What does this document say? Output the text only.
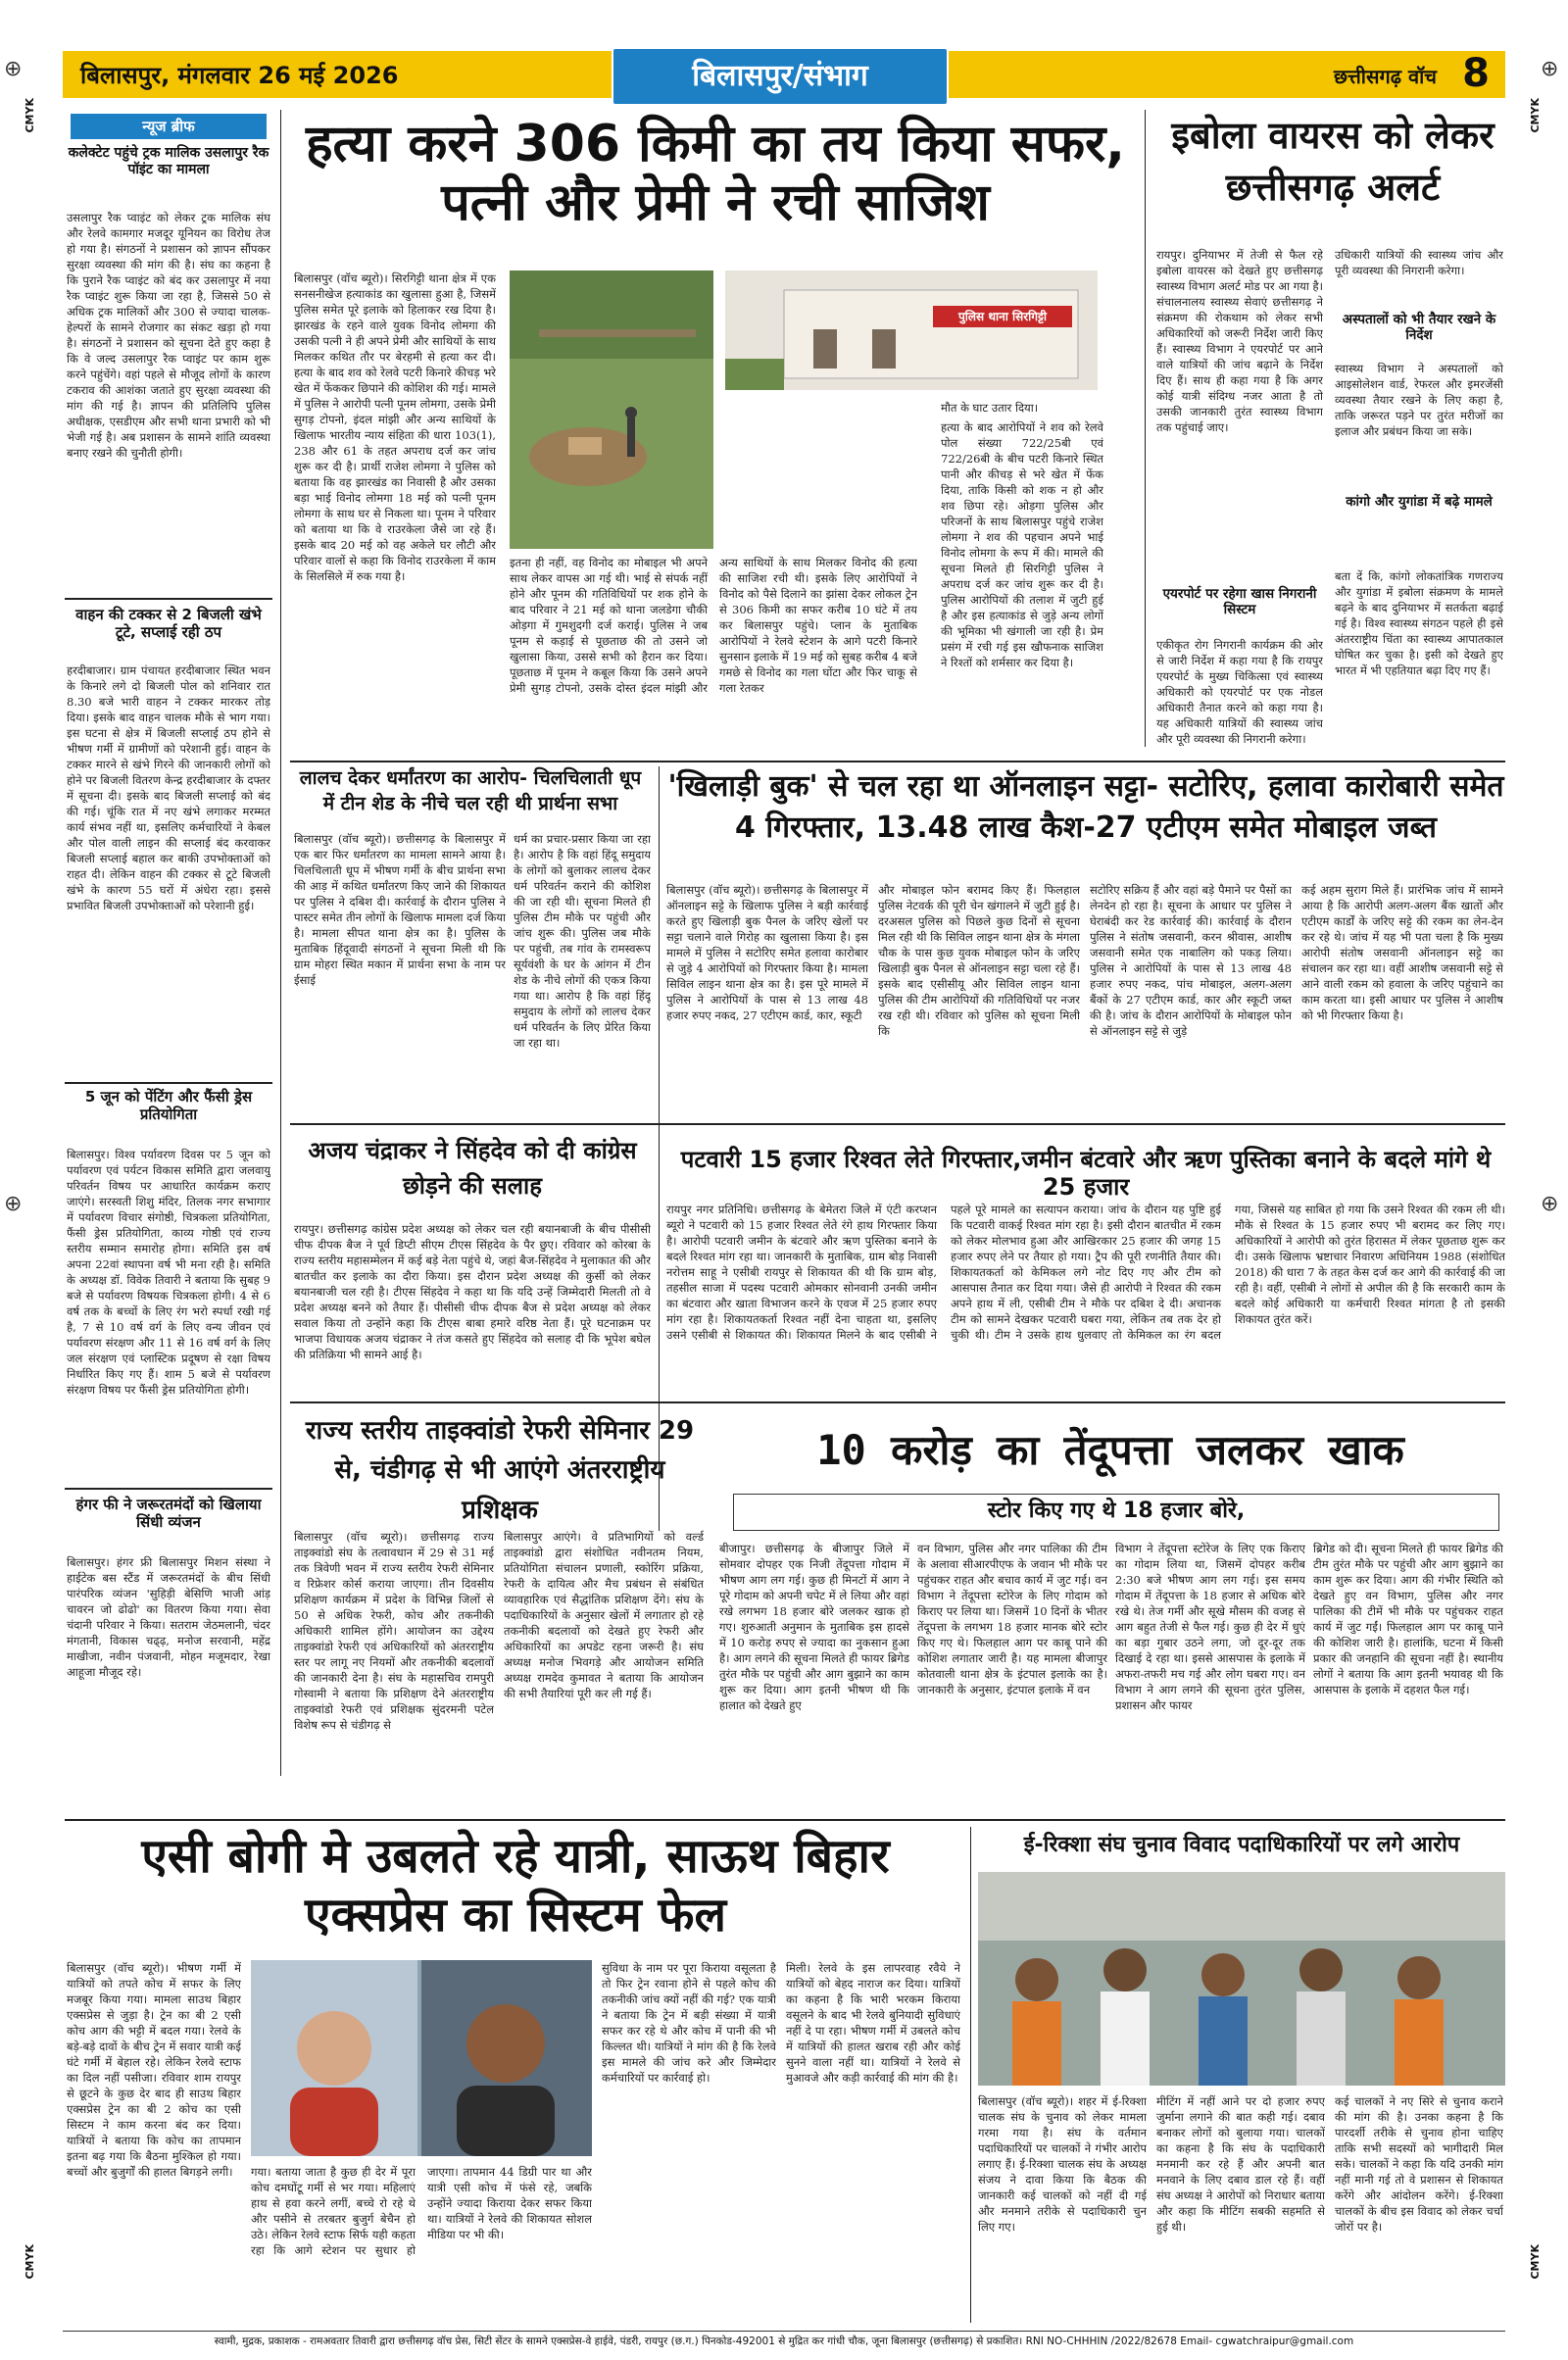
⊕	⊕
⊕	⊕
CMYK	CMYK
CMYK	CMYK
बिलासपुर, मंगलवार 26 मई 2026	बिलासपुर/संभाग	छत्तीसगढ़ वॉच 8
न्यूज ब्रीफ
कलेक्टेट पहुंचे ट्रक मालिक उसलापुर रैक पॉइंट का मामला
उसलापुर रैक प्वाइंट को लेकर ट्रक मालिक संघ और रेलवे कामगार मजदूर यूनियन का विरोध तेज हो गया है। संगठनों ने प्रशासन को ज्ञापन सौंपकर सुरक्षा व्यवस्था की मांग की है। संघ का कहना है कि पुराने रैक प्वाइंट को बंद कर उसलापुर में नया रैक प्वाइंट शुरू किया जा रहा है, जिससे 50 से अधिक ट्रक मालिकों और 300 से ज्यादा चालक-हेल्परों के सामने रोजगार का संकट खड़ा हो गया है। संगठनों ने प्रशासन को सूचना देते हुए कहा है कि वे जल्द उसलापुर रैक प्वाइंट पर काम शुरू करने पहुंचेंगे। वहां पहले से मौजूद लोगों के कारण टकराव की आशंका जताते हुए सुरक्षा व्यवस्था की मांग की गई है। ज्ञापन की प्रतिलिपि पुलिस अधीक्षक, एसडीएम और सभी थाना प्रभारी को भी भेजी गई है। अब प्रशासन के सामने शांति व्यवस्था बनाए रखने की चुनौती होगी।
वाहन की टक्कर से 2 बिजली खंभे टूटे, सप्लाई रही ठप
हरदीबाजार। ग्राम पंचायत हरदीबाजार स्थित भवन के किनारे लगे दो बिजली पोल को शनिवार रात 8.30 बजे भारी वाहन ने टक्कर मारकर तोड़ दिया। इसके बाद वाहन चालक मौके से भाग गया। इस घटना से क्षेत्र में बिजली सप्लाई ठप होने से भीषण गर्मी में ग्रामीणों को परेशानी हुई। वाहन के टक्कर मारने से खंभे गिरने की जानकारी लोगों को होने पर बिजली वितरण केन्द्र हरदीबाजार के दफ्तर में सूचना दी। इसके बाद बिजली सप्लाई को बंद की गई। चूंकि रात में नए खंभे लगाकर मरम्मत कार्य संभव नहीं था, इसलिए कर्मचारियों ने केबल और पोल वाली लाइन की सप्लाई बंद करवाकर बिजली सप्लाई बहाल कर बाकी उपभोक्ताओं को राहत दी। लेकिन वाहन की टक्कर से टूटे बिजली खंभे के कारण 55 घरों में अंधेरा रहा। इससे प्रभावित बिजली उपभोक्ताओं को परेशानी हुई।
5 जून को पेंटिंग और फैंसी ड्रेस प्रतियोगिता
बिलासपुर। विश्व पर्यावरण दिवस पर 5 जून को पर्यावरण एवं पर्यटन विकास समिति द्वारा जलवायु परिवर्तन विषय पर आधारित कार्यक्रम कराए जाएंगे। सरस्वती शिशु मंदिर, तिलक नगर सभागार में पर्यावरण विचार संगोष्ठी, चित्रकला प्रतियोगिता, फैंसी ड्रेस प्रतियोगिता, काव्य गोष्ठी एवं राज्य स्तरीय सम्मान समारोह होगा। समिति इस वर्ष अपना 22वां स्थापना वर्ष भी मना रही है। समिति के अध्यक्ष डॉ. विवेक तिवारी ने बताया कि सुबह 9 बजे से पर्यावरण विषयक चित्रकला होगी। 4 से 6 वर्ष तक के बच्चों के लिए रंग भरो स्पर्धा रखी गई है, 7 से 10 वर्ष वर्ग के लिए वन्य जीवन एवं पर्यावरण संरक्षण और 11 से 16 वर्ष वर्ग के लिए जल संरक्षण एवं प्लास्टिक प्रदूषण से रक्षा विषय निर्धारित किए गए हैं। शाम 5 बजे से पर्यावरण संरक्षण विषय पर फैंसी ड्रेस प्रतियोगिता होगी।
हंगर फी ने जरूरतमंदों को खिलाया सिंधी व्यंजन
बिलासपुर। हंगर फ्री बिलासपुर मिशन संस्था ने हाईटेक बस स्टैंड में जरूरतमंदों के बीच सिंधी पारंपरिक व्यंजन 'सुहिड़ी बेसिणि भाजी आंड़ चावरन जो ढोढो' का वितरण किया गया। सेवा चंदानी परिवार ने किया। सतराम जेठमलानी, चंदर मंगतानी, विकास चढ्ढ़, मनोज सरवानी, महेंद्र माखीजा, नवीन पंजवानी, मोहन मजूमदार, रेखा आहूजा मौजूद रहे।
हत्या करने 306 किमी का तय किया सफर, पत्नी और प्रेमी ने रची साजिश
बिलासपुर (वॉच ब्यूरो)। सिरगिट्टी थाना क्षेत्र में एक सनसनीखेज हत्याकांड का खुलासा हुआ है, जिसमें पुलिस समेत पूरे इलाके को हिलाकर रख दिया है। झारखंड के रहने वाले युवक विनोद लोमगा की उसकी पत्नी ने ही अपने प्रेमी और साथियों के साथ मिलकर कथित तौर पर बेरहमी से हत्या कर दी। हत्या के बाद शव को रेलवे पटरी किनारे कीचड़ भरे खेत में फेंककर छिपाने की कोशिश की गई। मामले में पुलिस ने आरोपी पत्नी पूनम लोमगा, उसके प्रेमी सुगड़ टोपनो, इंदल मांझी और अन्य साथियों के खिलाफ भारतीय न्याय संहिता की धारा 103(1), 238 और 61 के तहत अपराध दर्ज कर जांच शुरू कर दी है। प्रार्थी राजेश लोमगा ने पुलिस को बताया कि वह झारखंड का निवासी है और उसका बड़ा भाई विनोद लोमगा 18 मई को पत्नी पूनम लोमगा के साथ घर से निकला था। पूनम ने परिवार को बताया था कि वे राउरकेला जैसे जा रहे हैं। इसके बाद 20 मई को वह अकेले घर लौटी और परिवार वालों से कहा कि विनोद राउरकेला में काम के सिलसिले में रुक गया है।
इतना ही नहीं, वह विनोद का मोबाइल भी अपने साथ लेकर वापस आ गई थी। भाई से संपर्क नहीं होने और पूनम की गतिविधियों पर शक होने के बाद परिवार ने 21 मई को थाना जलडेगा चौकी ओड़गा में गुमशुदगी दर्ज कराई। पुलिस ने जब पूनम से कड़ाई से पूछताछ की तो उसने जो खुलासा किया, उससे सभी को हैरान कर दिया। पूछताछ में पूनम ने कबूल किया कि उसने अपने प्रेमी सुगड़ टोपनो, उसके दोस्त इंदल मांझी और अन्य साथियों के साथ मिलकर विनोद की हत्या की साजिश रची थी। इसके लिए आरोपियों ने विनोद को पैसे दिलाने का झांसा देकर लोकल ट्रेन से 306 किमी का सफर करीब 10 घंटे में तय कर बिलासपुर पहुंचे। प्लान के मुताबिक आरोपियों ने रेलवे स्टेशन के आगे पटरी किनारे सुनसान इलाके में 19 मई को सुबह करीब 4 बजे गमछे से विनोद का गला घोंटा और फिर चाकू से गला रेतकर
पुलिस थाना सिरगिट्टी
मौत के घाट उतार दिया।
हत्या के बाद आरोपियों ने शव को रेलवे पोल संख्या 722/25बी एवं 722/26बी के बीच पटरी किनारे स्थित पानी और कीचड़ से भरे खेत में फेंक दिया, ताकि किसी को शक न हो और शव छिपा रहे। ओड़गा पुलिस और परिजनों के साथ बिलासपुर पहुंचे राजेश लोमगा ने शव की पहचान अपने भाई विनोद लोमगा के रूप में की। मामले की सूचना मिलते ही सिरगिट्टी पुलिस ने अपराध दर्ज कर जांच शुरू कर दी है। पुलिस आरोपियों की तलाश में जुटी हुई है और इस हत्याकांड से जुड़े अन्य लोगों की भूमिका भी खंगाली जा रही है। प्रेम प्रसंग में रची गई इस खौफनाक साजिश ने रिश्तों को शर्मसार कर दिया है।
इबोला वायरस को लेकर छत्तीसगढ़ अलर्ट
रायपुर। दुनियाभर में तेजी से फैल रहे इबोला वायरस को देखते हुए छत्तीसगढ़ स्वास्थ्य विभाग अलर्ट मोड पर आ गया है। संचालनालय स्वास्थ्य सेवाएं छत्तीसगढ़ ने संक्रमण की रोकथाम को लेकर सभी अधिकारियों को जरूरी निर्देश जारी किए हैं। स्वास्थ्य विभाग ने एयरपोर्ट पर आने वाले यात्रियों की जांच बढ़ाने के निर्देश दिए हैं। साथ ही कहा गया है कि अगर कोई यात्री संदिग्ध नजर आता है तो उसकी जानकारी तुरंत स्वास्थ्य विभाग तक पहुंचाई जाए।
एयरपोर्ट पर रहेगा खास निगरानी सिस्टम
एकीकृत रोग निगरानी कार्यक्रम की ओर से जारी निर्देश में कहा गया है कि रायपुर एयरपोर्ट के मुख्य चिकित्सा एवं स्वास्थ्य अधिकारी को एयरपोर्ट पर एक नोडल अधिकारी तैनात करने को कहा गया है। यह अधिकारी यात्रियों की स्वास्थ्य जांच और पूरी व्यवस्था की निगरानी करेगा।
उधिकारी यात्रियों की स्वास्थ्य जांच और पूरी व्यवस्था की निगरानी करेगा।
अस्पतालों को भी तैयार रखने के निर्देश
स्वास्थ्य विभाग ने अस्पतालों को आइसोलेशन वार्ड, रेफरल और इमरजेंसी व्यवस्था तैयार रखने के लिए कहा है, ताकि जरूरत पड़ने पर तुरंत मरीजों का इलाज और प्रबंधन किया जा सके।
कांगो और युगांडा में बढ़े मामले
बता दें कि, कांगो लोकतांत्रिक गणराज्य और युगांडा में इबोला संक्रमण के मामले बढ़ने के बाद दुनियाभर में सतर्कता बढ़ाई गई है। विश्व स्वास्थ्य संगठन पहले ही इसे अंतरराष्ट्रीय चिंता का स्वास्थ्य आपातकाल घोषित कर चुका है। इसी को देखते हुए भारत में भी एहतियात बढ़ा दिए गए हैं।
लालच देकर धर्मांतरण का आरोप- चिलचिलाती धूप में टीन शेड के नीचे चल रही थी प्रार्थना सभा
बिलासपुर (वॉच ब्यूरो)। छत्तीसगढ़ के बिलासपुर में एक बार फिर धर्मांतरण का मामला सामने आया है। चिलचिलाती धूप में भीषण गर्मी के बीच प्रार्थना सभा की आड़ में कथित धर्मांतरण किए जाने की शिकायत पर पुलिस ने दबिश दी। कार्रवाई के दौरान पुलिस ने पास्टर समेत तीन लोगों के खिलाफ मामला दर्ज किया है। मामला सीपत थाना क्षेत्र का है। पुलिस के मुताबिक हिंदूवादी संगठनों ने सूचना मिली थी कि ग्राम मोहरा स्थित मकान में प्रार्थना सभा के नाम पर ईसाई
धर्म का प्रचार-प्रसार किया जा रहा है। आरोप है कि वहां हिंदू समुदाय के लोगों को बुलाकर लालच देकर धर्म परिवर्तन कराने की कोशिश की जा रही थी। सूचना मिलते ही पुलिस टीम मौके पर पहुंची और जांच शुरू की। पुलिस जब मौके पर पहुंची, तब गांव के रामस्वरूप सूर्यवंशी के घर के आंगन में टीन शेड के नीचे लोगों की एकत्र किया गया था। आरोप है कि वहां हिंदू समुदाय के लोगों को लालच देकर धर्म परिवर्तन के लिए प्रेरित किया जा रहा था।
'खिलाड़ी बुक' से चल रहा था ऑनलाइन सट्टा- सटोरिए, हलावा कारोबारी समेत 4 गिरफ्तार, 13.48 लाख कैश-27 एटीएम समेत मोबाइल जब्त
बिलासपुर (वॉच ब्यूरो)। छत्तीसगढ़ के बिलासपुर में ऑनलाइन सट्टे के खिलाफ पुलिस ने बड़ी कार्रवाई करते हुए खिलाड़ी बुक पैनल के जरिए खेलों पर सट्टा चलाने वाले गिरोह का खुलासा किया है। इस मामले में पुलिस ने सटोरिए समेत हलावा कारोबार से जुड़े 4 आरोपियों को गिरफ्तार किया है। मामला सिविल लाइन थाना क्षेत्र का है। इस पूरे मामले में पुलिस ने आरोपियों के पास से 13 लाख 48 हजार रुपए नकद, 27 एटीएम कार्ड, कार, स्कूटी
और मोबाइल फोन बरामद किए हैं। फिलहाल पुलिस नेटवर्क की पूरी चेन खंगालने में जुटी हुई है। दरअसल पुलिस को पिछले कुछ दिनों से सूचना मिल रही थी कि सिविल लाइन थाना क्षेत्र के मंगला चौक के पास कुछ युवक मोबाइल फोन के जरिए खिलाड़ी बुक पैनल से ऑनलाइन सट्टा चला रहे हैं। इसके बाद एसीसीयू और सिविल लाइन थाना पुलिस की टीम आरोपियों की गतिविधियों पर नजर रख रही थी। रविवार को पुलिस को सूचना मिली कि
सटोरिए सक्रिय हैं और वहां बड़े पैमाने पर पैसों का लेनदेन हो रहा है। सूचना के आधार पर पुलिस ने घेराबंदी कर रेड कार्रवाई की। कार्रवाई के दौरान पुलिस ने संतोष जसवानी, करन श्रीवास, आशीष जसवानी समेत एक नाबालिग को पकड़ लिया। पुलिस ने आरोपियों के पास से 13 लाख 48 हजार रुपए नकद, पांच मोबाइल, अलग-अलग बैंकों के 27 एटीएम कार्ड, कार और स्कूटी जब्त की है। जांच के दौरान आरोपियों के मोबाइल फोन से ऑनलाइन सट्टे से जुड़े
कई अहम सुराग मिले हैं। प्रारंभिक जांच में सामने आया है कि आरोपी अलग-अलग बैंक खातों और एटीएम कार्डों के जरिए सट्टे की रकम का लेन-देन कर रहे थे। जांच में यह भी पता चला है कि मुख्य आरोपी संतोष जसवानी ऑनलाइन सट्टे का संचालन कर रहा था। वहीं आशीष जसवानी सट्टे से आने वाली रकम को हवाला के जरिए पहुंचाने का काम करता था। इसी आधार पर पुलिस ने आशीष को भी गिरफ्तार किया है।
अजय चंद्राकर ने सिंहदेव को दी कांग्रेस छोड़ने की सलाह
रायपुर। छत्तीसगढ़ कांग्रेस प्रदेश अध्यक्ष को लेकर चल रही बयानबाजी के बीच पीसीसी चीफ दीपक बैज ने पूर्व डिप्टी सीएम टीएस सिंहदेव के पैर छुए। रविवार को कोरबा के राज्य स्तरीय महासम्मेलन में कई बड़े नेता पहुंचे थे, जहां बैज-सिंहदेव ने मुलाकात की और बातचीत कर इलाके का दौरा किया। इस दौरान प्रदेश अध्यक्ष की कुर्सी को लेकर बयानबाजी चल रही है। टीएस सिंहदेव ने कहा था कि यदि उन्हें जिम्मेदारी मिलती तो वे प्रदेश अध्यक्ष बनने को तैयार हैं। पीसीसी चीफ दीपक बैज से प्रदेश अध्यक्ष को लेकर सवाल किया तो उन्होंने कहा कि टीएस बाबा हमारे वरिष्ठ नेता हैं। पूरे घटनाक्रम पर भाजपा विधायक अजय चंद्राकर ने तंज कसते हुए सिंहदेव को सलाह दी कि भूपेश बघेल की प्रतिक्रिया भी सामने आई है।
पटवारी 15 हजार रिश्वत लेते गिरफ्तार,जमीन बंटवारे और ऋण पुस्तिका बनाने के बदले मांगे थे 25 हजार
रायपुर नगर प्रतिनिधि। छत्तीसगढ़ के बेमेतरा जिले में एंटी करप्शन ब्यूरो ने पटवारी को 15 हजार रिश्वत लेते रंगे हाथ गिरफ्तार किया है। आरोपी पटवारी जमीन के बंटवारे और ऋण पुस्तिका बनाने के बदले रिश्वत मांग रहा था। जानकारी के मुताबिक, ग्राम बोड़ निवासी नरोत्तम साहू ने एसीबी रायपुर से शिकायत की थी कि ग्राम बोड़, तहसील साजा में पदस्थ पटवारी ओमकार सोनवानी उनकी जमीन का बंटवारा और खाता विभाजन करने के एवज में 25 हजार रुपए मांग रहा है। शिकायतकर्ता रिश्वत नहीं देना चाहता था, इसलिए उसने एसीबी से शिकायत की। शिकायत मिलने के बाद एसीबी ने पहले पूरे मामले का सत्यापन कराया। जांच के दौरान यह पुष्टि हुई कि पटवारी वाकई रिश्वत मांग रहा है। इसी दौरान बातचीत में रकम को लेकर मोलभाव हुआ और आखिरकार 25 हजार की जगह 15 हजार रुपए लेने पर तैयार हो गया। ट्रैप की पूरी रणनीति तैयार की। शिकायतकर्ता को केमिकल लगे नोट दिए गए और टीम को आसपास तैनात कर दिया गया। जैसे ही आरोपी ने रिश्वत की रकम अपने हाथ में ली, एसीबी टीम ने मौके पर दबिश दे दी। अचानक टीम को सामने देखकर पटवारी घबरा गया, लेकिन तब तक देर हो चुकी थी। टीम ने उसके हाथ धुलवाए तो केमिकल का रंग बदल गया, जिससे यह साबित हो गया कि उसने रिश्वत की रकम ली थी। मौके से रिश्वत के 15 हजार रुपए भी बरामद कर लिए गए। अधिकारियों ने आरोपी को तुरंत हिरासत में लेकर पूछताछ शुरू कर दी। उसके खिलाफ भ्रष्टाचार निवारण अधिनियम 1988 (संशोधित 2018) की धारा 7 के तहत केस दर्ज कर आगे की कार्रवाई की जा रही है। वहीं, एसीबी ने लोगों से अपील की है कि सरकारी काम के बदले कोई अधिकारी या कर्मचारी रिश्वत मांगता है तो इसकी शिकायत तुरंत करें।
राज्य स्तरीय ताइक्वांडो रेफरी सेमिनार 29 से, चंडीगढ़ से भी आएंगे अंतरराष्ट्रीय प्रशिक्षक
बिलासपुर (वॉच ब्यूरो)। छत्तीसगढ़ राज्य ताइक्वांडो संघ के तत्वावधान में 29 से 31 मई तक त्रिवेणी भवन में राज्य स्तरीय रेफरी सेमिनार व रिफ्रेशर कोर्स कराया जाएगा। तीन दिवसीय प्रशिक्षण कार्यक्रम में प्रदेश के विभिन्न जिलों से 50 से अधिक रेफरी, कोच और तकनीकी अधिकारी शामिल होंगे। आयोजन का उद्देश्य ताइक्वांडो रेफरी एवं अधिकारियों को अंतरराष्ट्रीय स्तर पर लागू नए नियमों और तकनीकी बदलावों की जानकारी देना है। संघ के महासचिव रामपुरी गोस्वामी ने बताया कि प्रशिक्षण देने अंतरराष्ट्रीय ताइक्वांडो रेफरी एवं प्रशिक्षक सुंदरमनी पटेल विशेष रूप से चंडीगढ़ से
बिलासपुर आएंगे। वे प्रतिभागियों को वर्ल्ड ताइक्वांडो द्वारा संशोधित नवीनतम नियम, प्रतियोगिता संचालन प्रणाली, स्कोरिंग प्रक्रिया, रेफरी के दायित्व और मैच प्रबंधन से संबंधित व्यावहारिक एवं सैद्धांतिक प्रशिक्षण देंगे। संघ के पदाधिकारियों के अनुसार खेलों में लगातार हो रहे तकनीकी बदलावों को देखते हुए रेफरी और अधिकारियों का अपडेट रहना जरूरी है। संघ अध्यक्ष मनोज भिवगड़े और आयोजन समिति अध्यक्ष रामदेव कुमावत ने बताया कि आयोजन की सभी तैयारियां पूरी कर ली गई हैं।
10 करोड़ का तेंदूपत्ता जलकर खाक
स्टोर किए गए थे 18 हजार बोरे,
बीजापुर। छत्तीसगढ़ के बीजापुर जिले में सोमवार दोपहर एक निजी तेंदूपत्ता गोदाम में भीषण आग लग गई। कुछ ही मिनटों में आग ने पूरे गोदाम को अपनी चपेट में ले लिया और वहां रखे लगभग 18 हजार बोरे जलकर खाक हो गए। शुरुआती अनुमान के मुताबिक इस हादसे में 10 करोड़ रुपए से ज्यादा का नुकसान हुआ है। आग लगने की सूचना मिलते ही फायर ब्रिगेड तुरंत मौके पर पहुंची और आग बुझाने का काम शुरू कर दिया। आग इतनी भीषण थी कि हालात को देखते हुए
वन विभाग, पुलिस और नगर पालिका की टीम के अलावा सीआरपीएफ के जवान भी मौके पर पहुंचकर राहत और बचाव कार्य में जुट गई। वन विभाग ने तेंदूपत्ता स्टोरेज के लिए गोदाम को किराए पर लिया था। जिसमें 10 दिनों के भीतर तेंदूपत्ता के लगभग 18 हजार मानक बोरे स्टोर किए गए थे। फिलहाल आग पर काबू पाने की कोशिश लगातार जारी है। यह मामला बीजापुर कोतवाली थाना क्षेत्र के इंटपाल इलाके का है। जानकारी के अनुसार, इंटपाल इलाके में वन
विभाग ने तेंदूपत्ता स्टोरेज के लिए एक किराए का गोदाम लिया था, जिसमें दोपहर करीब 2:30 बजे भीषण आग लग गई। इस समय गोदाम में तेंदूपत्ता के 18 हजार से अधिक बोरे रखे थे। तेज गर्मी और सूखे मौसम की वजह से आग बहुत तेजी से फैल गई। कुछ ही देर में धुएं का बड़ा गुबार उठने लगा, जो दूर-दूर तक दिखाई दे रहा था। इससे आसपास के इलाके में अफरा-तफरी मच गई और लोग घबरा गए। वन विभाग ने आग लगने की सूचना तुरंत पुलिस, प्रशासन और फायर
ब्रिगेड को दी। सूचना मिलते ही फायर ब्रिगेड की टीम तुरंत मौके पर पहुंची और आग बुझाने का काम शुरू कर दिया। आग की गंभीर स्थिति को देखते हुए वन विभाग, पुलिस और नगर पालिका की टीमें भी मौके पर पहुंचकर राहत कार्य में जुट गईं। फिलहाल आग पर काबू पाने की कोशिश जारी है। हालांकि, घटना में किसी प्रकार की जनहानि की सूचना नहीं है। स्थानीय लोगों ने बताया कि आग इतनी भयावह थी कि आसपास के इलाके में दहशत फैल गई।
एसी बोगी मे उबलते रहे यात्री, साऊथ बिहार एक्सप्रेस का सिस्टम फेल
बिलासपुर (वॉच ब्यूरो)। भीषण गर्मी में यात्रियों को तपते कोच में सफर के लिए मजबूर किया गया। मामला साउथ बिहार एक्सप्रेस से जुड़ा है। ट्रेन का बी 2 एसी कोच आग की भट्टी में बदल गया। रेलवे के बड़े-बड़े दावों के बीच ट्रेन में सवार यात्री कई घंटे गर्मी में बेहाल रहे। लेकिन रेलवे स्टाफ का दिल नहीं पसीजा। रविवार शाम रायपुर से छूटने के कुछ देर बाद ही साउथ बिहार एक्सप्रेस ट्रेन का बी 2 कोच का एसी सिस्टम ने काम करना बंद कर दिया। यात्रियों ने बताया कि कोच का तापमान इतना बढ़ गया कि बैठना मुश्किल हो गया। बच्चों और बुजुर्गों की हालत बिगड़ने लगी।	गया। बताया जाता है कुछ ही देर में पूरा कोच दमघोंटू गर्मी से भर गया। महिलाएं हाथ से हवा करने लगीं, बच्चे रो रहे थे और पसीने से तरबतर बुजुर्ग बेचैन हो उठे। लेकिन रेलवे स्टाफ सिर्फ यही कहता रहा कि आगे स्टेशन पर सुधार हो जाएगा। तापमान 44 डिग्री पार था और यात्री एसी कोच में फंसे रहे, जबकि उन्होंने ज्यादा किराया देकर सफर किया था। यात्रियों ने रेलवे की शिकायत सोशल मीडिया पर भी की।
सुविधा के नाम पर पूरा किराया वसूलता है तो फिर ट्रेन रवाना होने से पहले कोच की तकनीकी जांच क्यों नहीं की गई? एक यात्री ने बताया कि ट्रेन में बड़ी संख्या में यात्री सफर कर रहे थे और कोच में पानी की भी किल्लत थी। यात्रियों ने मांग की है कि रेलवे इस मामले की जांच करे और जिम्मेदार कर्मचारियों पर कार्रवाई हो।
मिली। रेलवे के इस लापरवाह रवैये ने यात्रियों को बेहद नाराज कर दिया। यात्रियों का कहना है कि भारी भरकम किराया वसूलने के बाद भी रेलवे बुनियादी सुविधाएं नहीं दे पा रहा। भीषण गर्मी में उबलते कोच में यात्रियों की हालत खराब रही और कोई सुनने वाला नहीं था। यात्रियों ने रेलवे से मुआवजे और कड़ी कार्रवाई की मांग की है।
ई-रिक्शा संघ चुनाव विवाद पदाधिकारियों पर लगे आरोप
बिलासपुर (वॉच ब्यूरो)। शहर में ई-रिक्शा चालक संघ के चुनाव को लेकर मामला गरमा गया है। संघ के वर्तमान पदाधिकारियों पर चालकों ने गंभीर आरोप लगाए हैं। ई-रिक्शा चालक संघ के अध्यक्ष संजय ने दावा किया कि बैठक की जानकारी कई चालकों को नहीं दी गई और मनमाने तरीके से पदाधिकारी चुन लिए गए।
मीटिंग में नहीं आने पर दो हजार रुपए जुर्माना लगाने की बात कही गई। दबाव बनाकर लोगों को बुलाया गया। चालकों का कहना है कि संघ के पदाधिकारी मनमानी कर रहे हैं और अपनी बात मनवाने के लिए दबाव डाल रहे हैं। वहीं संघ अध्यक्ष ने आरोपों को निराधार बताया और कहा कि मीटिंग सबकी सहमति से हुई थी।
कई चालकों ने नए सिरे से चुनाव कराने की मांग की है। उनका कहना है कि पारदर्शी तरीके से चुनाव होना चाहिए ताकि सभी सदस्यों को भागीदारी मिल सके। चालकों ने कहा कि यदि उनकी मांग नहीं मानी गई तो वे प्रशासन से शिकायत करेंगे और आंदोलन करेंगे। ई-रिक्शा चालकों के बीच इस विवाद को लेकर चर्चा जोरों पर है।
स्वामी, मुद्रक, प्रकाशक - रामअवतार तिवारी द्वारा छत्तीसगढ़ वॉच प्रेस, सिटी सेंटर के सामने एक्सप्रेस-वे हाईवे, पंडरी, रायपुर (छ.ग.) पिनकोड-492001 से मुद्रित कर गांधी चौक, जूना बिलासपुर (छत्तीसगढ़) से प्रकाशित। RNI NO-CHHHIN /2022/82678 Email- cgwatchraipur@gmail.com
